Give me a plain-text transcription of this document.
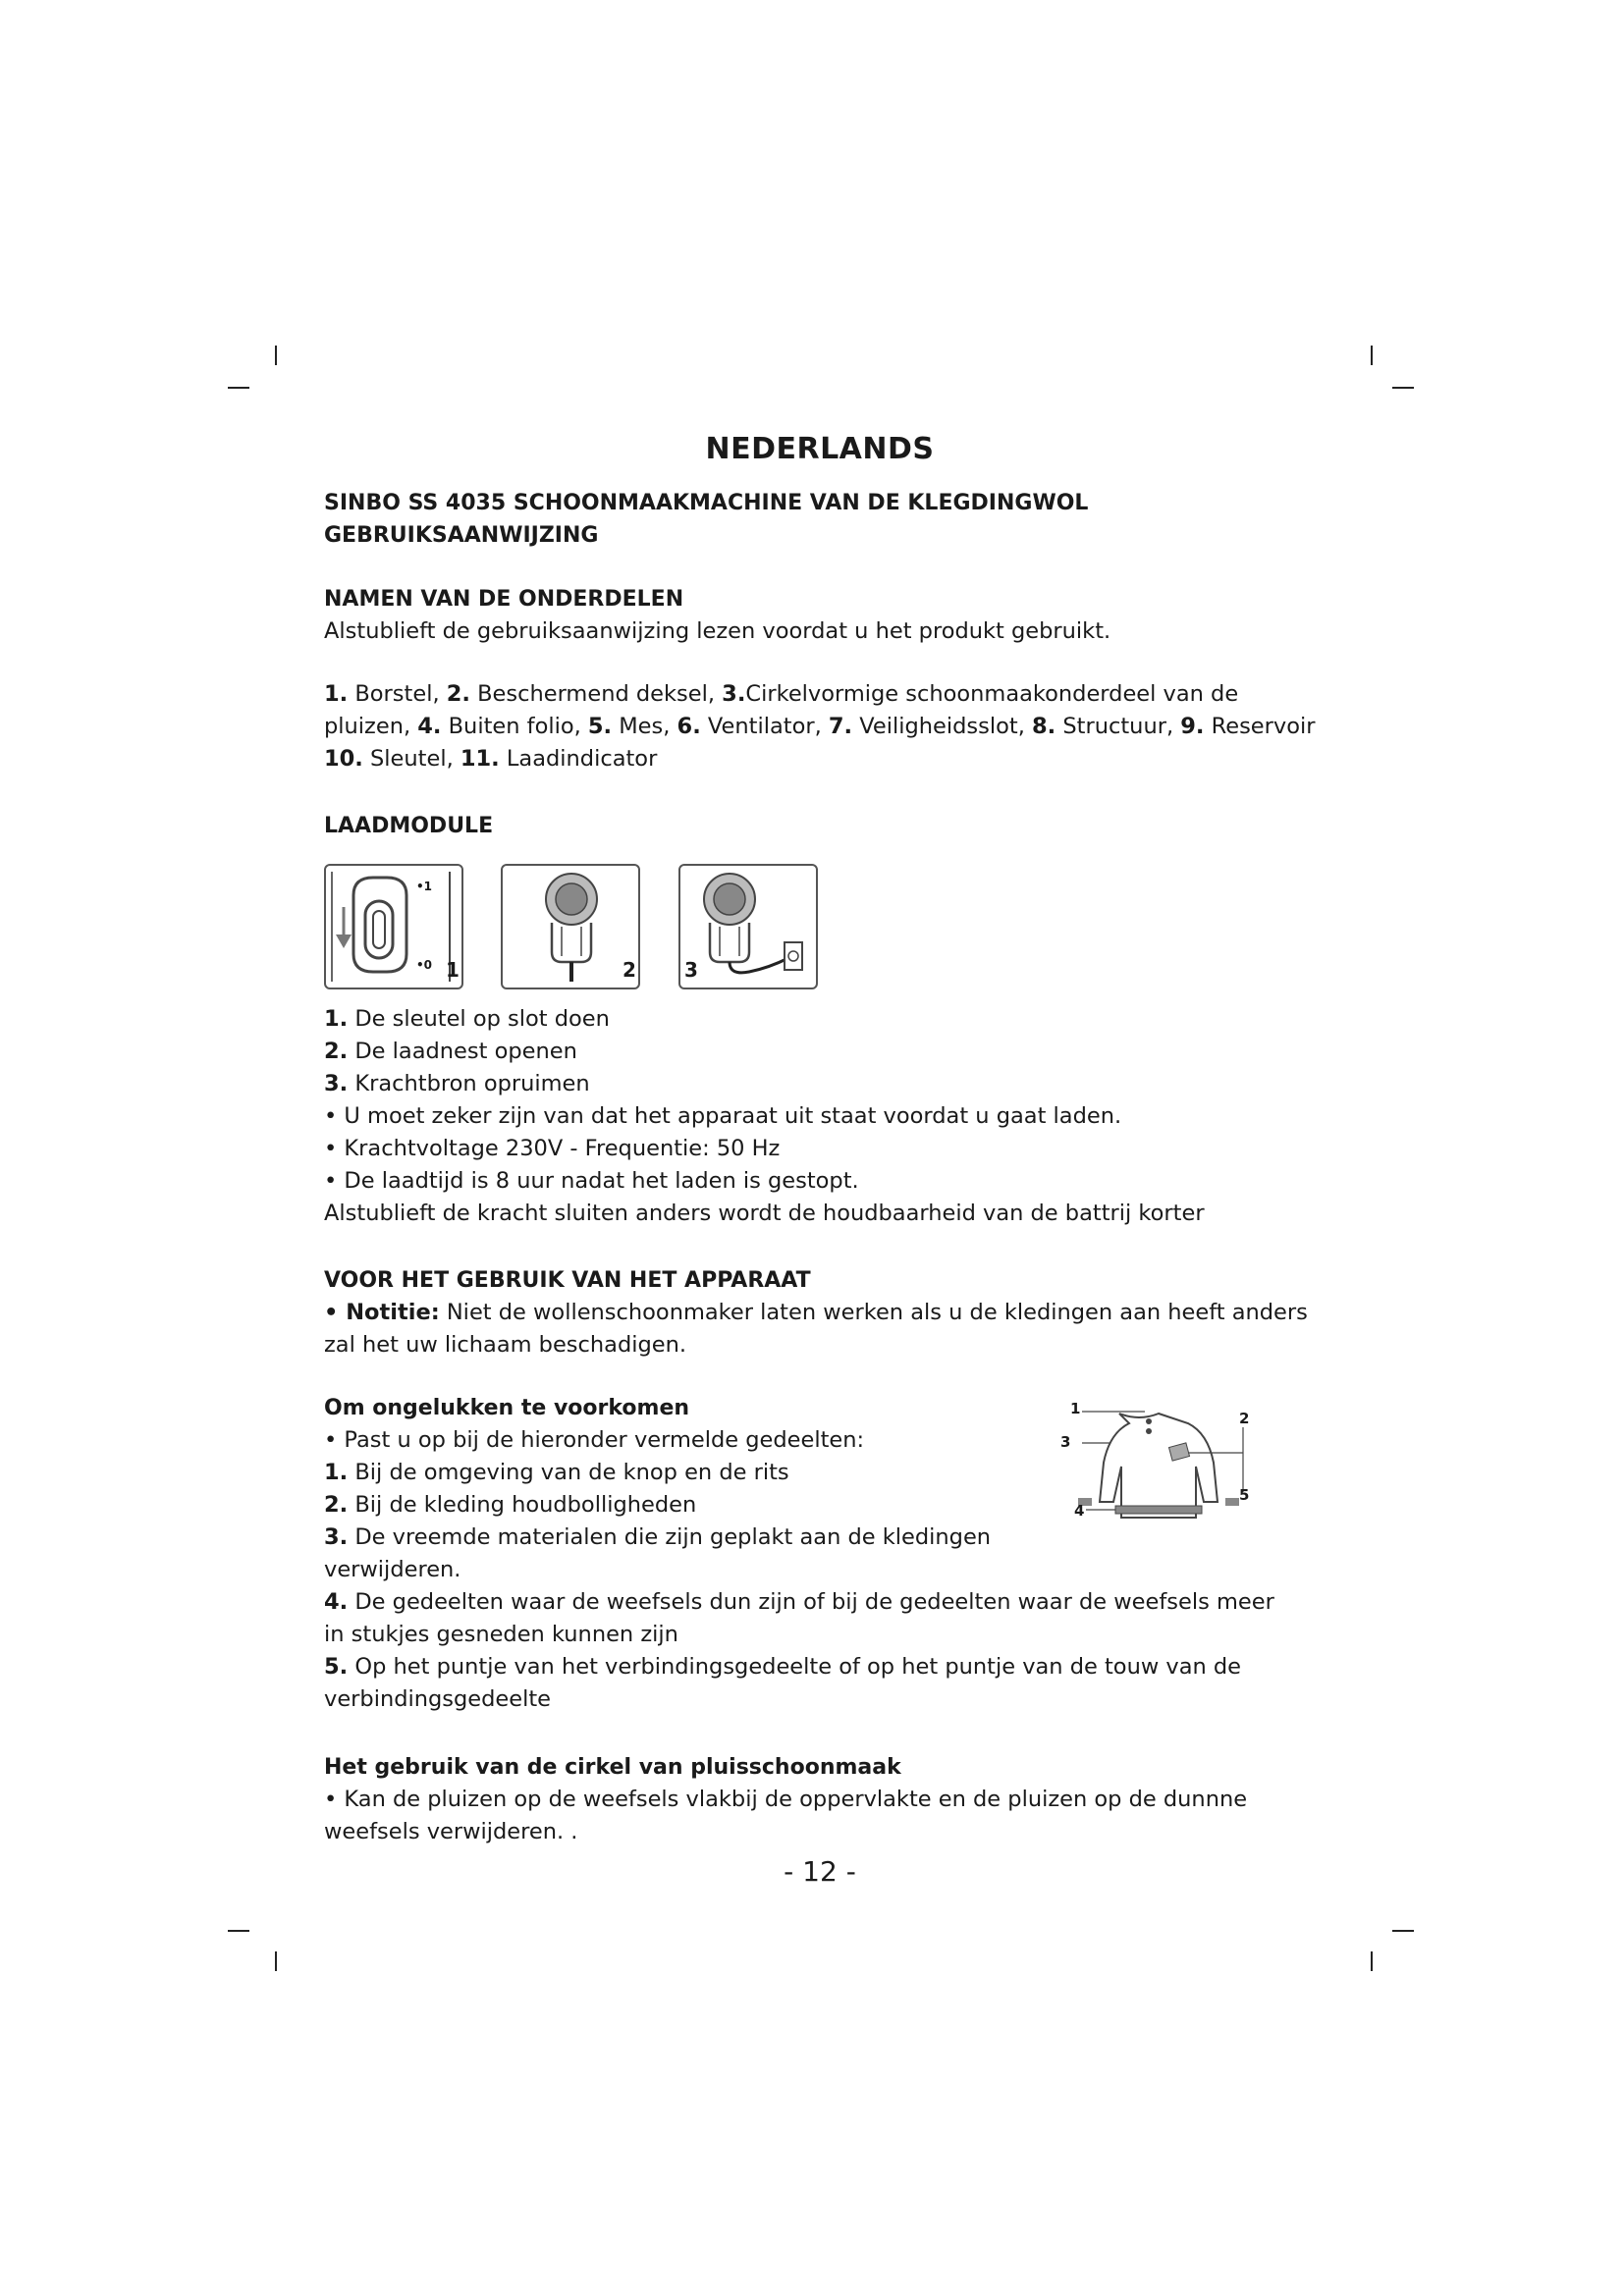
NEDERLANDS
SINBO SS 4035 SCHOONMAAKMACHINE VAN DE KLEGDINGWOL
GEBRUIKSAANWIJZING
NAMEN VAN DE ONDERDELEN
Alstublieft de gebruiksaanwijzing lezen voordat u het produkt gebruikt.
1. Borstel, 2. Beschermend deksel, 3.Cirkelvormige schoonmaakonderdeel van de
pluizen, 4. Buiten folio, 5. Mes, 6. Ventilator, 7. Veiligheidsslot, 8. Structuur, 9. Reservoir
10. Sleutel, 11. Laadindicator
LAADMODULE
•1
•0 1	2 3
1. De sleutel op slot doen
2. De laadnest openen
3. Krachtbron opruimen
• U moet zeker zijn van dat het apparaat uit staat voordat u gaat laden.
• Krachtvoltage 230V - Frequentie: 50 Hz
• De laadtijd is 8 uur nadat het laden is gestopt.
Alstublieft de kracht sluiten anders wordt de houdbaarheid van de battrij korter
VOOR HET GEBRUIK VAN HET APPARAAT
• Notitie: Niet de wollenschoonmaker laten werken als u de kledingen aan heeft anders
zal het uw lichaam beschadigen.
Om ongelukken te voorkomen
• Past u op bij de hieronder vermelde gedeelten:
1. Bij de omgeving van de knop en de rits
2. Bij de kleding houdbolligheden
3. De vreemde materialen die zijn geplakt aan de kledingen
verwijderen.
4. De gedeelten waar de weefsels dun zijn of bij de gedeelten waar de weefsels meer
in stukjes gesneden kunnen zijn
5. Op het puntje van het verbindingsgedeelte of op het puntje van de touw van de
verbindingsgedeelte
1
2
3
4
5
Het gebruik van de cirkel van pluisschoonmaak
• Kan de pluizen op de weefsels vlakbij de oppervlakte en de pluizen op de dunnne
weefsels verwijderen. .
- 12 -
